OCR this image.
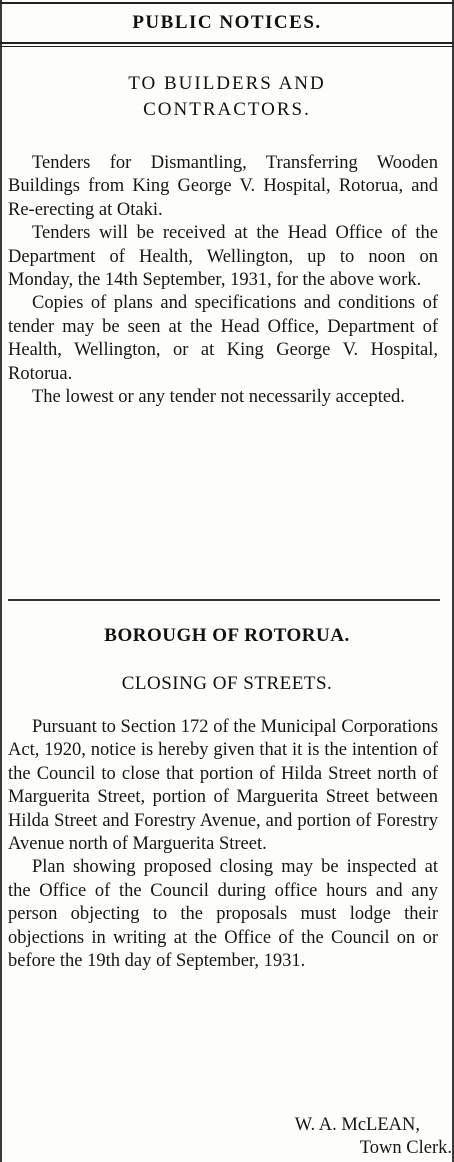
PUBLIC NOTICES.
TO BUILDERS AND
CONTRACTORS.

Tenders for Dismantling, Transferring Wooden Buildings from King George V. Hospital, Rotorua, and Re-erecting at Otaki.

Tenders will be received at the Head Office of the Department of Health, Wellington, up to noon on Monday, the 14th September, 1931, for the above work.

Copies of plans and specifications and conditions of tender may be seen at the Head Office, Department of Health, Wellington, or at King George V. Hospital, Rotorua.

The lowest or any tender not necessarily accepted.

BOROUGH OF ROTORUA.
CLOSING OF STREETS.

Pursuant to Section 172 of the Municipal Corporations Act, 1920, notice is hereby given that it is the intention of the Council to close that portion of Hilda Street north of Marguerita Street, portion of Marguerita Street between Hilda Street and Forestry Avenue, and portion of Forestry Avenue north of Marguerita Street.

Plan showing proposed closing may be inspected at the Office of the Council during office hours and any person objecting to the proposals must lodge their objections in writing at the Office of the Council on or before the 19th day of September, 1931.

W. A. McLEAN,
Town Clerk.
